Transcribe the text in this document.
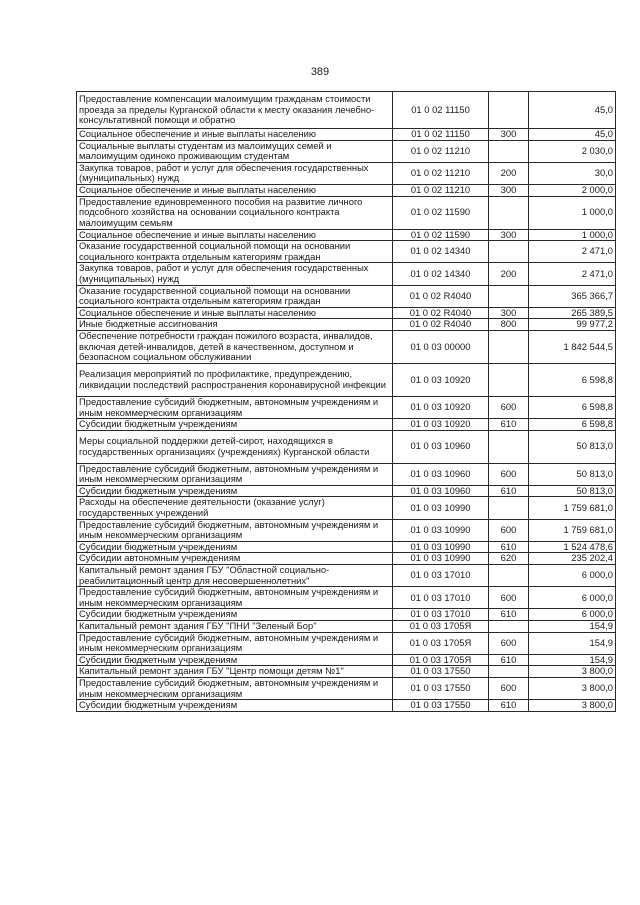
389
Предоставление компенсации малоимущим гражданам стоимости проезда за пределы Курганской области к месту оказания лечебно-консультативной помощи и обратно	01 0 02 11150		45,0
Социальное обеспечение и иные выплаты населению	01 0 02 11150	300	45,0
Социальные выплаты студентам из малоимущих семей и малоимущим одиноко проживающим студентам	01 0 02 11210		2 030,0
Закупка товаров, работ и услуг для обеспечения государственных (муниципальных) нужд	01 0 02 11210	200	30,0
Социальное обеспечение и иные выплаты населению	01 0 02 11210	300	2 000,0
Предоставление единовременного пособия на развитие личного подсобного хозяйства на основании социального контракта малоимущим семьям	01 0 02 11590		1 000,0
Социальное обеспечение и иные выплаты населению	01 0 02 11590	300	1 000,0
Оказание государственной социальной помощи на основании социального контракта отдельным категориям граждан	01 0 02 14340		2 471,0
Закупка товаров, работ и услуг для обеспечения государственных (муниципальных) нужд	01 0 02 14340	200	2 471,0
Оказание государственной социальной помощи на основании социального контракта отдельным категориям граждан	01 0 02 R4040		365 366,7
Социальное обеспечение и иные выплаты населению	01 0 02 R4040	300	265 389,5
Иные бюджетные ассигнования	01 0 02 R4040	800	99 977,2
Обеспечение потребности граждан пожилого возраста, инвалидов, включая детей-инвалидов, детей в качественном, доступном и безопасном социальном обслуживании	01 0 03 00000		1 842 544,5
Реализация мероприятий по профилактике, предупреждению, ликвидации последствий распространения коронавирусной инфекции	01 0 03 10920		6 598,8
Предоставление субсидий бюджетным, автономным учреждениям и иным некоммерческим организациям	01 0 03 10920	600	6 598,8
Субсидии бюджетным учреждениям	01 0 03 10920	610	6 598,8
Меры социальной поддержки детей-сирот, находящихся в государственных организациях (учреждениях) Курганской области	01 0 03 10960		50 813,0
Предоставление субсидий бюджетным, автономным учреждениям и иным некоммерческим организациям	01 0 03 10960	600	50 813,0
Субсидии бюджетным учреждениям	01 0 03 10960	610	50 813,0
Расходы на обеспечение деятельности (оказание услуг) государственных учреждений	01 0 03 10990		1 759 681,0
Предоставление субсидий бюджетным, автономным учреждениям и иным некоммерческим организациям	01 0 03 10990	600	1 759 681,0
Субсидии бюджетным учреждениям	01 0 03 10990	610	1 524 478,6
Субсидии автономным учреждениям	01 0 03 10990	620	235 202,4
Капитальный ремонт здания ГБУ "Областной социально-реабилитационный центр для несовершеннолетних"	01 0 03 17010		6 000,0
Предоставление субсидий бюджетным, автономным учреждениям и иным некоммерческим организациям	01 0 03 17010	600	6 000,0
Субсидии бюджетным учреждениям	01 0 03 17010	610	6 000,0
Капитальный ремонт здания ГБУ "ПНИ "Зеленый Бор"	01 0 03 1705Я		154,9
Предоставление субсидий бюджетным, автономным учреждениям и иным некоммерческим организациям	01 0 03 1705Я	600	154,9
Субсидии бюджетным учреждениям	01 0 03 1705Я	610	154,9
Капитальный ремонт здания ГБУ "Центр помощи детям №1"	01 0 03 17550		3 800,0
Предоставление субсидий бюджетным, автономным учреждениям и иным некоммерческим организациям	01 0 03 17550	600	3 800,0
Субсидии бюджетным учреждениям	01 0 03 17550	610	3 800,0
